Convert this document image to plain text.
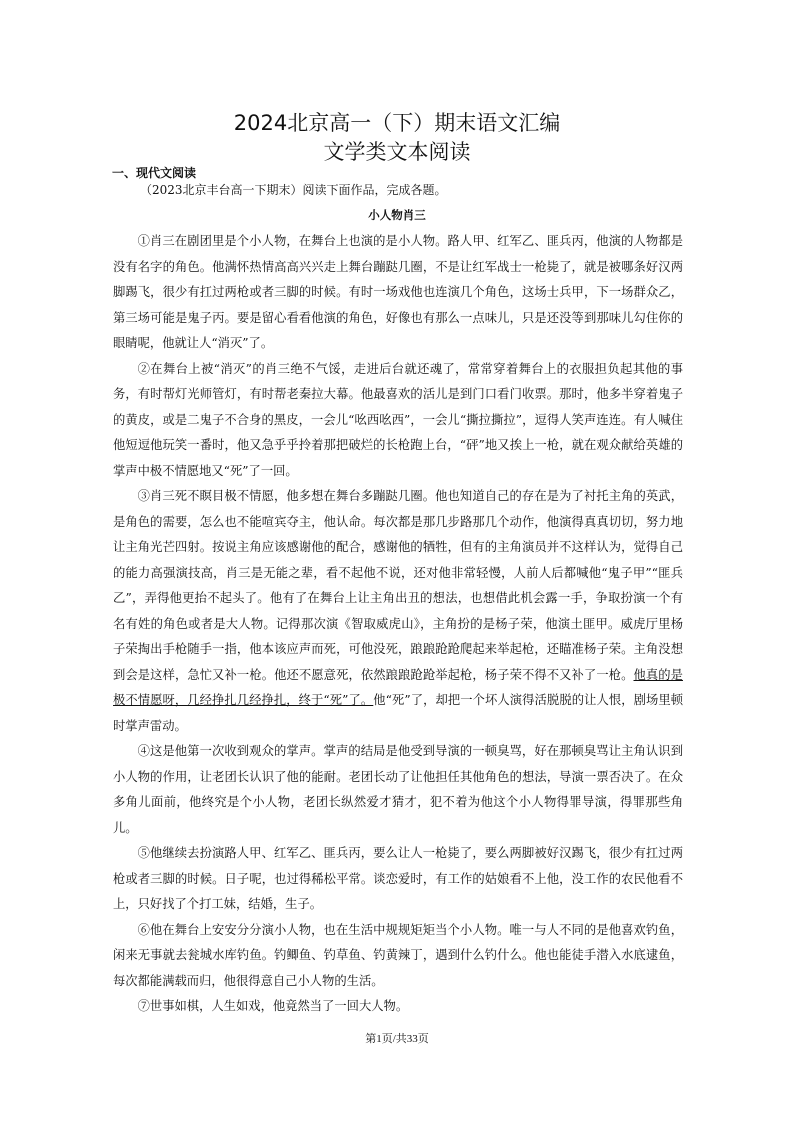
2024北京高一（下）期末语文汇编
文学类文本阅读
一、现代文阅读
（2023北京丰台高一下期末）阅读下面作品，完成各题。
小人物肖三

①肖三在剧团里是个小人物，在舞台上也演的是小人物。路人甲、红军乙、匪兵丙，他演的人物都是没有名字的角色。他满怀热情高高兴兴走上舞台蹦跶几圈，不是让红军战士一枪毙了，就是被哪条好汉两脚踢飞，很少有扛过两枪或者三脚的时候。有时一场戏他也连演几个角色，这场士兵甲，下一场群众乙，第三场可能是鬼子丙。要是留心看看他演的角色，好像也有那么一点味儿，只是还没等到那味儿勾住你的眼睛呢，他就让人“消灭”了。

②在舞台上被“消灭”的肖三绝不气馁，走进后台就还魂了，常常穿着舞台上的衣服担负起其他的事务，有时帮灯光师管灯，有时帮老秦拉大幕。他最喜欢的活儿是到门口看门收票。那时，他多半穿着鬼子的黄皮，或是二鬼子不合身的黑皮，一会儿“吆西吆西”，一会儿“撕拉撕拉”，逗得人笑声连连。有人喊住他短逗他玩笑一番时，他又急乎乎拎着那把破烂的长枪跑上台，“砰”地又挨上一枪，就在观众献给英雄的掌声中极不情愿地又“死”了一回。

③肖三死不瞑目极不情愿，他多想在舞台多蹦跶几圈。他也知道自己的存在是为了衬托主角的英武，是角色的需要，怎么也不能喧宾夺主，他认命。每次都是那几步路那几个动作，他演得真真切切，努力地让主角光芒四射。按说主角应该感谢他的配合，感谢他的牺牲，但有的主角演员并不这样认为，觉得自己的能力高强演技高，肖三是无能之辈，看不起他不说，还对他非常轻慢，人前人后都喊他“鬼子甲”“匪兵乙”，弄得他更抬不起头了。他有了在舞台上让主角出丑的想法，也想借此机会露一手，争取扮演一个有名有姓的角色或者是大人物。记得那次演《智取威虎山》，主角扮的是杨子荣，他演土匪甲。威虎厅里杨子荣掏出手枪随手一指，他本该应声而死，可他没死，踉踉跄跄爬起来举起枪，还瞄准杨子荣。主角没想到会是这样，急忙又补一枪。他还不愿意死，依然踉踉跄跄举起枪，杨子荣不得不又补了一枪。他真的是极不情愿呀，几经挣扎几经挣扎，终于“死”了。他“死”了，却把一个坏人演得活脱脱的让人恨，剧场里顿时掌声雷动。

④这是他第一次收到观众的掌声。掌声的结局是他受到导演的一顿臭骂，好在那顿臭骂让主角认识到小人物的作用，让老团长认识了他的能耐。老团长动了让他担任其他角色的想法，导演一票否决了。在众多角儿面前，他终究是个小人物，老团长纵然爱才猜才，犯不着为他这个小人物得罪导演，得罪那些角儿。

⑤他继续去扮演路人甲、红军乙、匪兵丙，要么让人一枪毙了，要么两脚被好汉踢飞，很少有扛过两枪或者三脚的时候。日子呢，也过得稀松平常。谈恋爱时，有工作的姑娘看不上他，没工作的农民他看不上，只好找了个打工妹，结婚，生子。

⑥他在舞台上安安分分演小人物，也在生活中规规矩矩当个小人物。唯一与人不同的是他喜欢钓鱼，闲来无事就去瓮城水库钓鱼。钓鲫鱼、钓草鱼、钓黄辣丁，遇到什么钓什么。他也能徒手潜入水底逮鱼，每次都能满载而归，他很得意自己小人物的生活。

⑦世事如棋，人生如戏，他竟然当了一回大人物。

第1页/共33页
